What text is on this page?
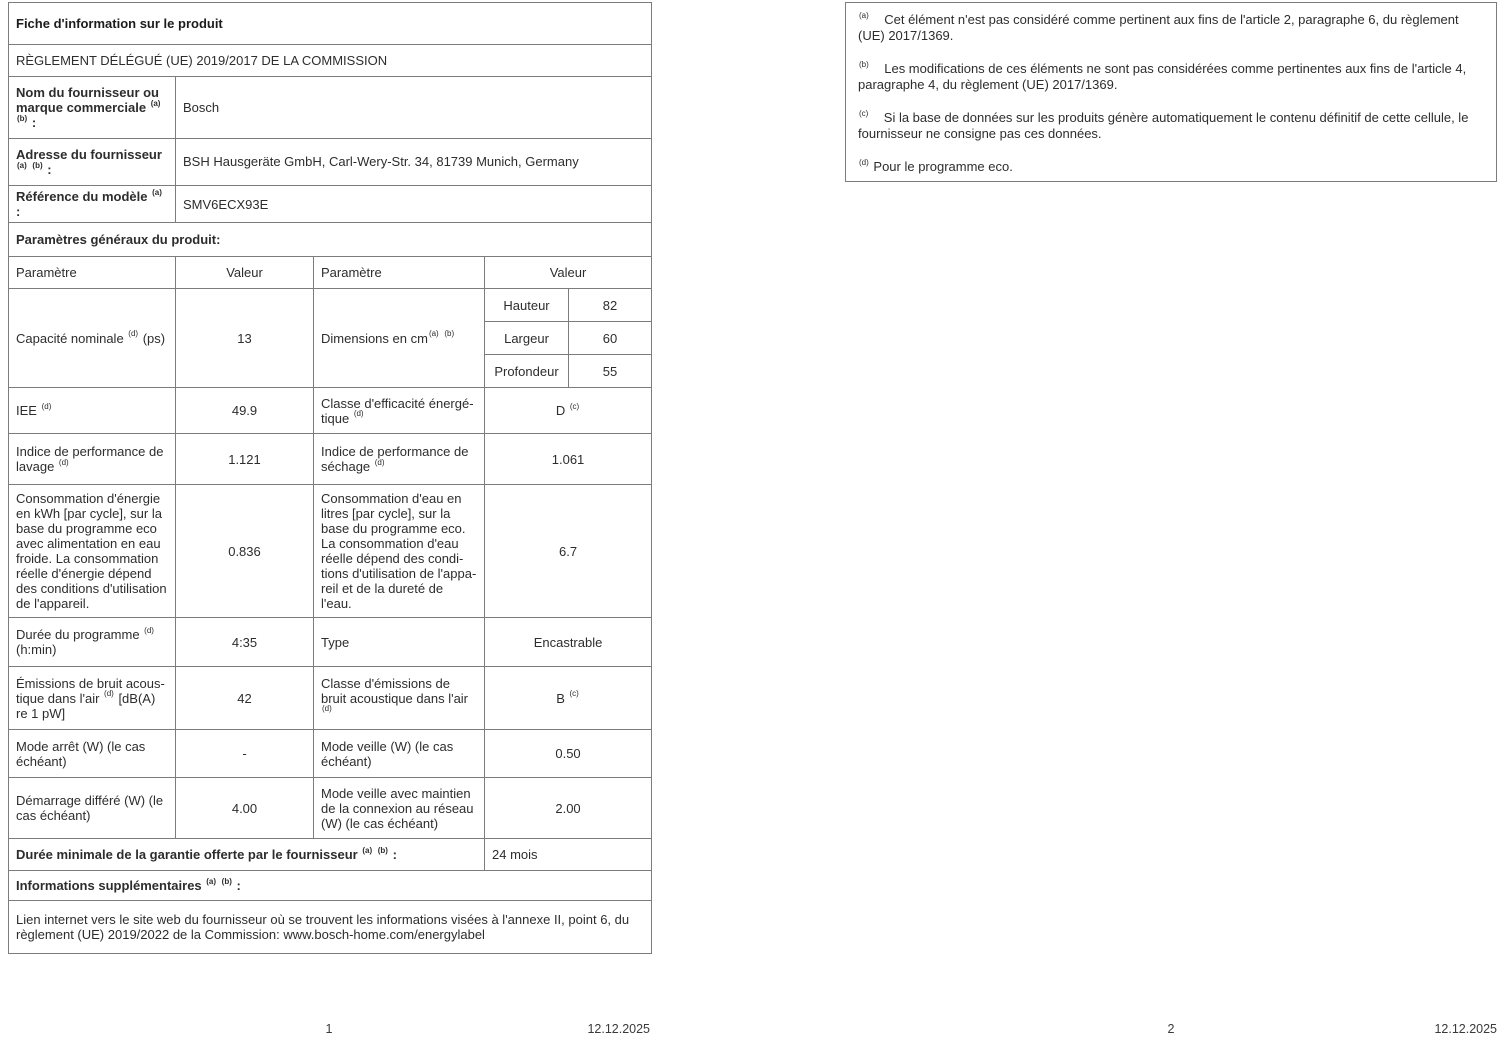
Fiche d'information sur le produit				
RÈGLEMENT DÉLÉGUÉ (UE) 2019/2017 DE LA COMMISSION				
Nom du fournisseur ou marque commerciale $^{(a)}$ $^{(b)}$ :	Bosch			
Adresse du fournisseur $^{(a)}$ $^{(b)}$ :	BSH Hausgeräte GmbH, Carl-Wery-Str. 34, 81739 Munich, Germany			
Référence du modèle $^{(a)}$ :	SMV6ECX93E			
Paramètres généraux du produit:				
Paramètre	Valeur	Paramètre	Valeur	
Capacité nominale $^{(d)}$ (ps)	13	Dimensions en $cm^{(a)}$ $^{(b)}$	Hauteur	82
			Largeur	60
			Profondeur	55
IEE $^{(d)}$	49.9	Classe d'efficacité énergé-tique $^{(d)}$	D $^{(c)}$
Indice de performance de lavage $^{(d)}$	1.121	Indice de performance de séchage $^{(d)}$	1.061	
Consommation d'énergie en kWh [par cycle], sur la base du programme eco avec alimentation en eau froide. La consommation réelle d'énergie dépend des conditions d'utilisation de l'appareil.	0.836	Consommation d'eau en litres [par cycle], sur la base du programme eco. La consommation d'eau réelle dépend des condi-tions d'utilisation de l'appa-reil et de la dureté de l'eau.	6.7	
Durée du programme $^{(d)}$ (h:min)	4:35	Type	Encastrable	
Émissions de bruit acous-tique dans l'air $^{(d)}$ [dB(A) re 1 pW]	42	Classe d'émissions de bruit acoustique dans l'air $^{(d)}$	B $^{(c)}$
Mode arrêt (W) (le cas échéant)	-	Mode veille (W) (le cas échéant)	0.50	
Démarrage différé (W) (le cas échéant)	4.00	Mode veille avec maintien de la connexion au réseau (W) (le cas échéant)	2.00	
Durée minimale de la garantie offerte par le fournisseur $^{(a)}$ $^{(b)}$ :			24 mois	
Informations supplémentaires $^{(a)}$ $^{(b)}$ :				
Lien internet vers le site web du fournisseur où se trouvent les informations visées à l'annexe II, point 6, du règlement (UE) 2019/2022 de la Commission: www.bosch-home.com/energylabel				

$^{(a)}$    Cet élément n'est pas considéré comme pertinent aux fins de l'article 2, paragraphe 6, du règlement (UE) 2017/1369.

$^{(b)}$    Les modifications de ces éléments ne sont pas considérées comme pertinentes aux fins de l'article 4, paragraphe 4, du règlement (UE) 2017/1369.

$^{(c)}$    Si la base de données sur les produits génère automatiquement le contenu définitif de cette cellule, le fournisseur ne consigne pas ces données.

$^{(d)}$ Pour le programme eco.

1	12.12.2025	2	12.12.2025
